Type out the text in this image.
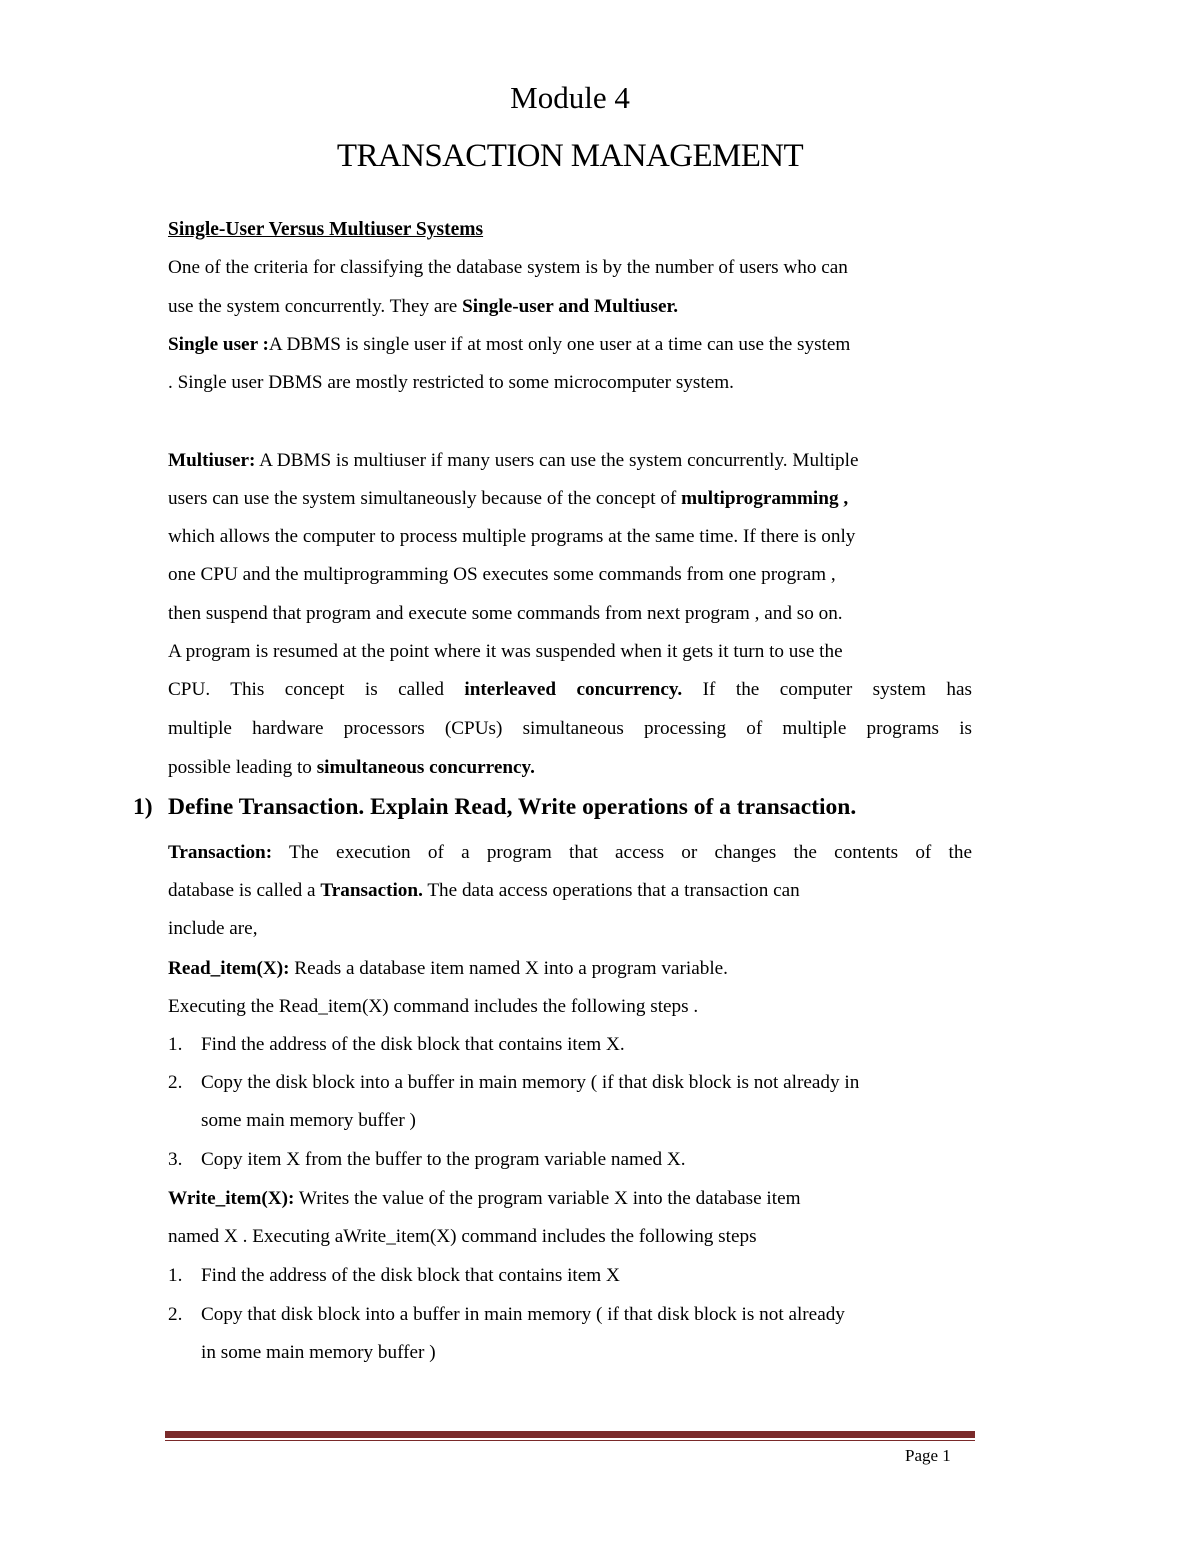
Module 4
TRANSACTION MANAGEMENT
Single-User Versus Multiuser Systems
One of the criteria for classifying the database system is by the number of users who can
use the system concurrently. They are Single-user and Multiuser.
Single user :A DBMS is single user if at most only one user at a time can use the system
. Single user DBMS are mostly restricted to some microcomputer system.
Multiuser: A DBMS is multiuser if many users can use the system concurrently. Multiple
users can use the system simultaneously because of the concept of multiprogramming ,
which allows the computer to process multiple programs at the same time. If there is only
one CPU and the multiprogramming OS executes some commands from one program ,
then suspend that program and execute some commands from next program , and so on.
A program is resumed at the point where it was suspended when it gets it turn to use the
CPU. This concept is called interleaved concurrency. If the computer system has
multiple hardware processors (CPUs) simultaneous processing of multiple programs is
possible leading to simultaneous concurrency.
Transaction: The execution of a program that access or changes the contents of the
database is called a Transaction. The data access operations that a transaction can
include are,
Read_item(X): Reads a database item named X into a program variable.
Executing the Read_item(X) command includes the following steps .
1. Find the address of the disk block that contains item X.
2. Copy the disk block into a buffer in main memory ( if that disk block is not already in
some main memory buffer )
3. Copy item X from the buffer to the program variable named X.
Write_item(X): Writes the value of the program variable X into the database item
named X . Executing aWrite_item(X) command includes the following steps
1. Find the address of the disk block that contains item X
2. Copy that disk block into a buffer in main memory ( if that disk block is not already
in some main memory buffer )
1) Define Transaction. Explain Read, Write operations of a transaction.
Page 1
